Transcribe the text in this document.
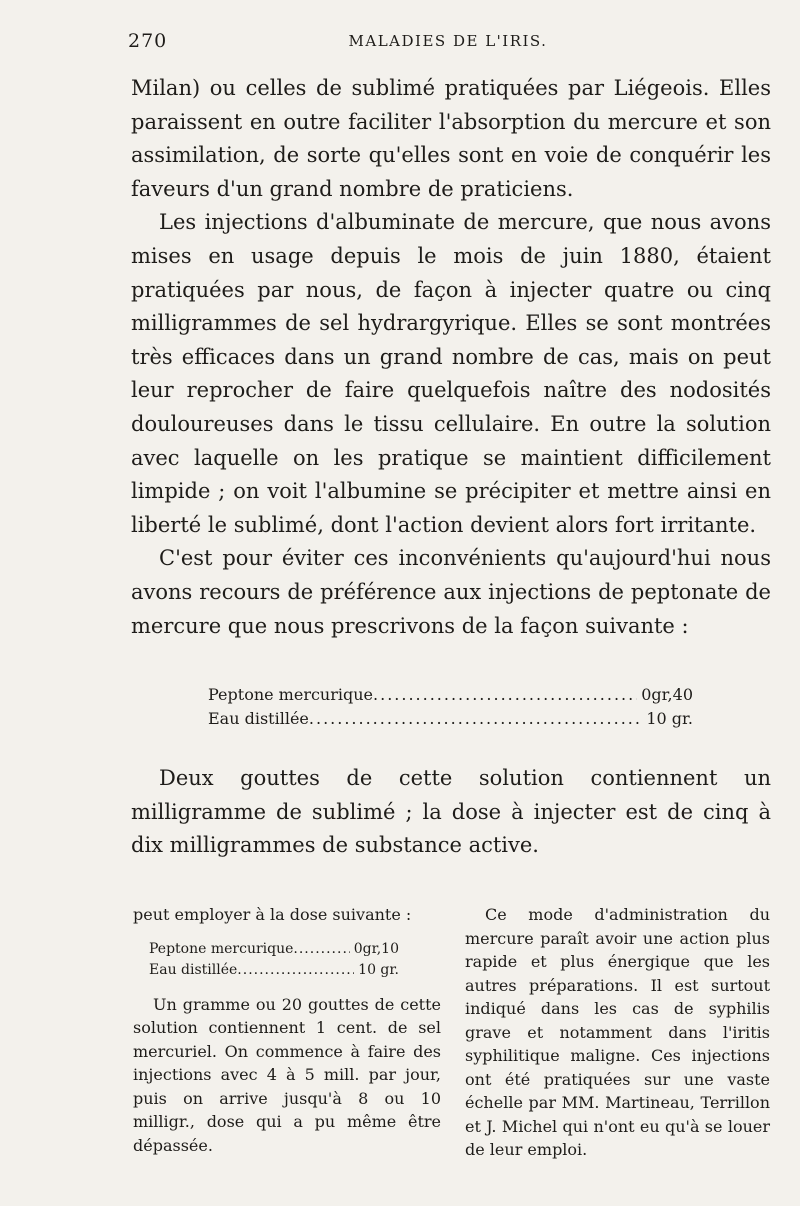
270	MALADIES DE L'IRIS.

Milan) ou celles de sublimé pratiquées par Liégeois. Elles paraissent en outre faciliter l'absorption du mercure et son assimilation, de sorte qu'elles sont en voie de conquérir les faveurs d'un grand nombre de praticiens.

Les injections d'albuminate de mercure, que nous avons mises en usage depuis le mois de juin 1880, étaient pratiquées par nous, de façon à injecter quatre ou cinq milligrammes de sel hydrargyrique. Elles se sont montrées très efficaces dans un grand nombre de cas, mais on peut leur reprocher de faire quelquefois naître des nodosités douloureuses dans le tissu cellulaire. En outre la solution avec laquelle on les pratique se maintient difficilement limpide ; on voit l'albumine se précipiter et mettre ainsi en liberté le sublimé, dont l'action devient alors fort irritante.

C'est pour éviter ces inconvénients qu'aujourd'hui nous avons recours de préférence aux injections de peptonate de mercure que nous prescrivons de la façon suivante :

Peptone mercurique .....	0gr,40
Eau distillée .....	10 gr.

Deux gouttes de cette solution contiennent un milligramme de sublimé ; la dose à injecter est de cinq à dix milligrammes de substance active.

peut employer à la dose suivante :

Peptone mercurique .....	0gr,10
Eau distillée .....	10 gr.

Un gramme ou 20 gouttes de cette solution contiennent 1 cent. de sel mercuriel. On commence à faire des injections avec 4 à 5 mill. par jour, puis on arrive jusqu'à 8 ou 10 milligr., dose qui a pu même être dépassée.

Ce mode d'administration du mercure paraît avoir une action plus rapide et plus énergique que les autres préparations. Il est surtout indiqué dans les cas de syphilis grave et notamment dans l'iritis syphilitique maligne. Ces injections ont été pratiquées sur une vaste échelle par MM. Martineau, Terrillon et J. Michel qui n'ont eu qu'à se louer de leur emploi.
